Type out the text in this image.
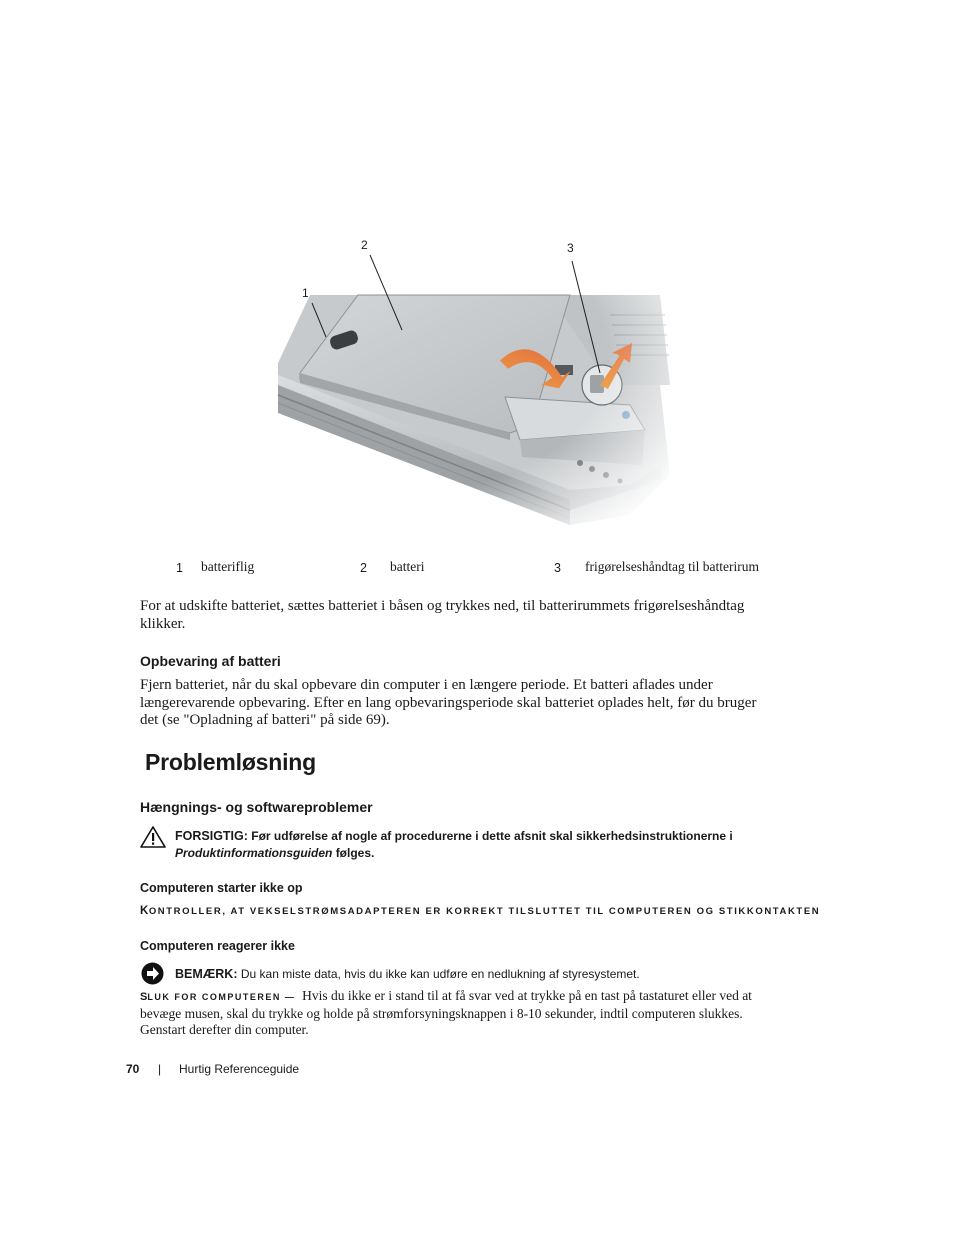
1
2	3
1 batteriflig	2 batteri	3 frigørelseshåndtag til batterirum
For at udskifte batteriet, sættes batteriet i båsen og trykkes ned, til batterirummets frigørelseshåndtag
klikker.
Opbevaring af batteri
Fjern batteriet, når du skal opbevare din computer i en længere periode. Et batteri aflades under
længerevarende opbevaring. Efter en lang opbevaringsperiode skal batteriet oplades helt, før du bruger
det (se "Opladning af batteri" på side 69).
Problemløsning
Hængnings- og softwareproblemer
FORSIGTIG: Før udførelse af nogle af procedurerne i dette afsnit skal sikkerhedsinstruktionerne i
Produktinformationsguiden følges.
Computeren starter ikke op
KONTROLLER, AT VEKSELSTRØMSADAPTEREN ER KORREKT TILSLUTTET TIL COMPUTEREN OG STIKKONTAKTEN
Computeren reagerer ikke
BEMÆRK: Du kan miste data, hvis du ikke kan udføre en nedlukning af styresystemet.
SLUK FOR COMPUTEREN — Hvis du ikke er i stand til at få svar ved at trykke på en tast på tastaturet eller ved at
bevæge musen, skal du trykke og holde på strømforsyningsknappen i 8-10 sekunder, indtil computeren slukkes.
Genstart derefter din computer.
70 | Hurtig Referenceguide
